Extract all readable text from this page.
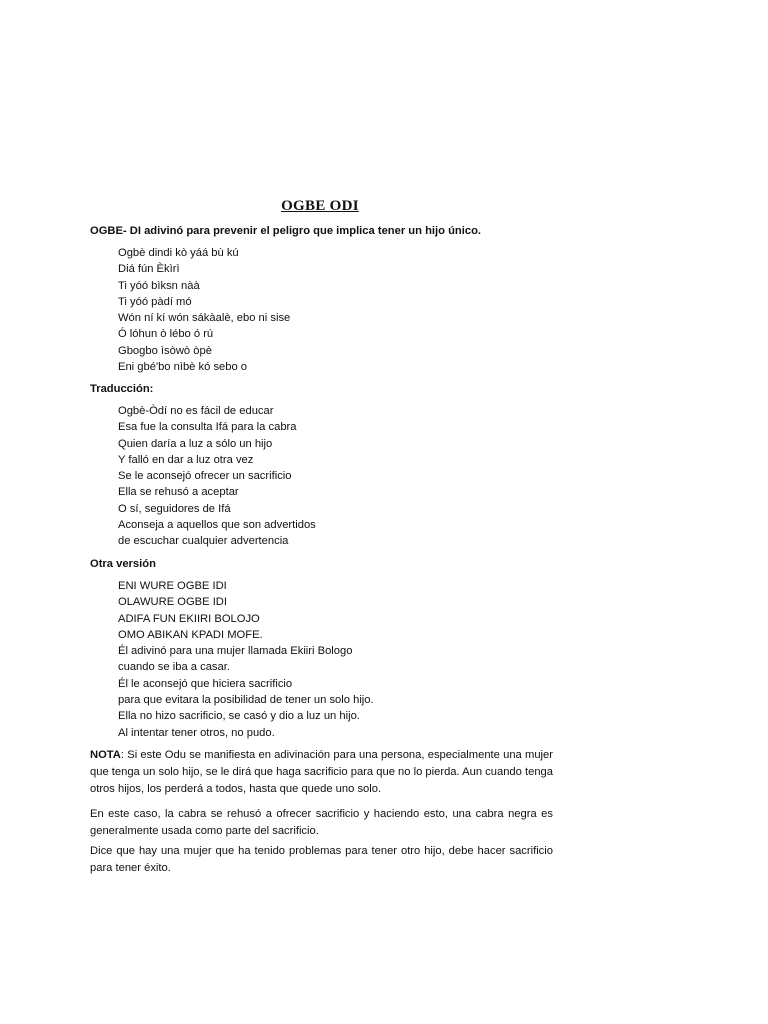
OGBE ODI
OGBE- DI adivinó para prevenir el peligro que implica tener un hijo único.
Ogbè dindi kò yáá bù kú
Diá fún Èkìrì
Ti yóó bìksn nàà
Ti yóó pàdí mó
Wón ní kí wón sákàalè, ebo ni sise
Ó lóhun ò lébo ó rú
Gbogbo ìsòwò òpè
Eni gbé'bo nìbè kó sebo o
Traducción:
Ogbè-Òdí no es fácil de educar
Esa fue la consulta Ifá para la cabra
Quien daría a luz a sólo un hijo
Y falló en dar a luz otra vez
Se le aconsejó ofrecer un sacrificio
Ella se rehusó a aceptar
O sí, seguidores de Ifá
Aconseja a aquellos que son advertidos
de escuchar cualquier advertencia
Otra versión
ENI WURE OGBE IDI
OLAWURE OGBE IDI
ADIFA FUN EKIIRI BOLOJO
OMO ABIKAN KPADI MOFE.
Él adivinó para una mujer llamada Ekiiri Bologo
cuando se iba a casar.
Él le aconsejó que hiciera sacrificio
para que evitara la posibilidad de tener un solo hijo.
Ella no hizo sacrificio, se casó y dio a luz un hijo.
Al intentar tener otros, no pudo.

NOTA: Si este Odu se manifiesta en adivinación para una persona, especialmente una mujer que tenga un solo hijo, se le dirá que haga sacrificio para que no lo pierda. Aun cuando tenga otros hijos, los perderá a todos, hasta que quede uno solo.

En este caso, la cabra se rehusó a ofrecer sacrificio y haciendo esto, una cabra negra es generalmente usada como parte del sacrificio.

Dice que hay una mujer que ha tenido problemas para tener otro hijo, debe hacer sacrificio para tener éxito.
